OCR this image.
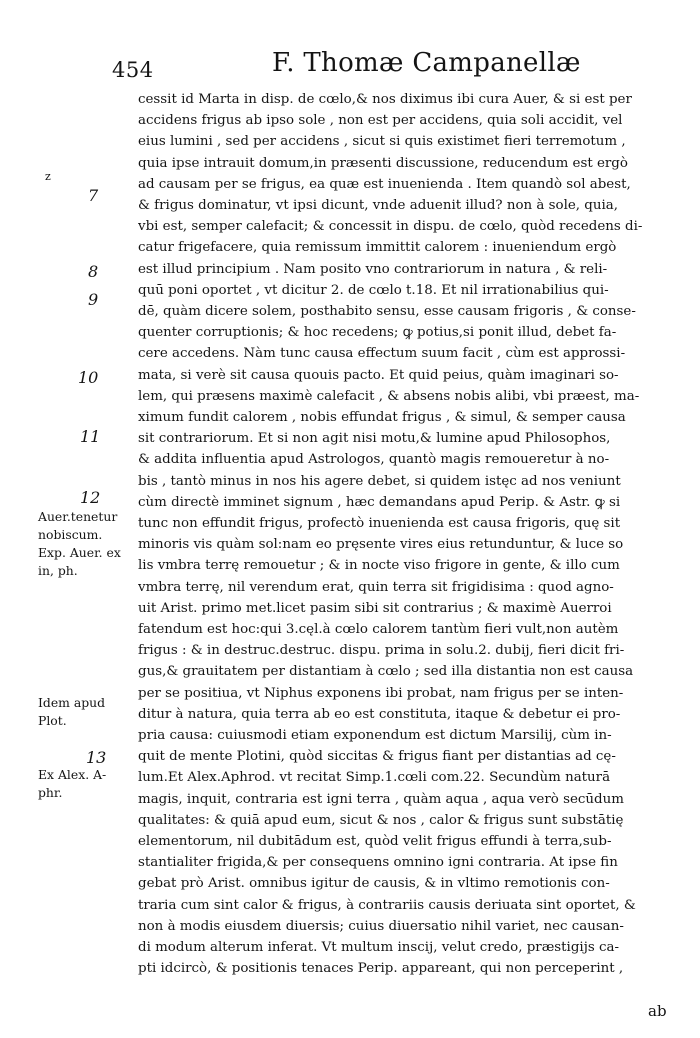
454	F. Thomæ Campanellæ
z
7
8
9
10
11
12
13
Auer.tenetur
nobiscum.
Exp. Auer. ex
in, ph.
Idem apud
Plot.
Ex Alex. A-
phr.
cessit id Marta in disp. de cœlo,& nos diximus ibi cura Auer, & si est per
accidens frigus ab ipso sole , non est per accidens, quia soli accidit, vel
eius lumini , sed per accidens , sicut si quis existimet fieri terremotum ,
quia ipse intrauit domum,in præsenti discussione, reducendum est ergò
ad causam per se frigus, ea quæ est inuenienda . Item quandò sol abest,
& frigus dominatur, vt ipsi dicunt, vnde aduenit illud? non à sole, quia,
vbi est, semper calefacit; & concessit in dispu. de cœlo, quòd recedens di-
catur frigefacere, quia remissum immittit calorem : inueniendum ergò
est illud principium . Nam posito vno contrariorum in natura , & reli-
quū poni oportet , vt dicitur 2. de cœlo t.18. Et nil irrationabilius qui-
dē, quàm dicere solem, posthabito sensu, esse causam frigoris , & conse-
quenter corruptionis; & hoc recedens; ꝙ potius,si ponit illud, debet fa-
cere accedens. Nàm tunc causa effectum suum facit , cùm est approssi-
mata, si verè sit causa quouis pacto. Et quid peius, quàm imaginari so-
lem, qui præsens maximè calefacit , & absens nobis alibi, vbi præest, ma-
ximum fundit calorem , nobis effundat frigus , & simul, & semper causa
sit contrariorum. Et si non agit nisi motu,& lumine apud Philosophos,
& addita influentia apud Astrologos, quantò magis remoueretur à no-
bis , tantò minus in nos his agere debet, si quidem istęc ad nos veniunt
cùm directè imminet signum , hæc demandans apud Perip. & Astr. ꝙ si
tunc non effundit frigus, profectò inuenienda est causa frigoris, quę sit
minoris vis quàm sol:nam eo pręsente vires eius retunduntur, & luce so
lis vmbra terrę remouetur ; & in nocte viso frigore in gente, & illo cum
vmbra terrę, nil verendum erat, quin terra sit frigidisima : quod agno-
uit Arist. primo met.licet pasim sibi sit contrarius ; & maximè Auerroi
fatendum est hoc:qui 3.cęl.à cœlo calorem tantùm fieri vult,non autèm
frigus : & in destruc.destruc. dispu. prima in solu.2. dubij, fieri dicit fri-
gus,& grauitatem per distantiam à cœlo ; sed illa distantia non est causa
per se positiua, vt Niphus exponens ibi probat, nam frigus per se inten-
ditur à natura, quia terra ab eo est constituta, itaque & debetur ei pro-
pria causa: cuiusmodi etiam exponendum est dictum Marsilij, cùm in-
quit de mente Plotini, quòd siccitas & frigus fiant per distantias ad cę-
lum.Et Alex.Aphrod. vt recitat Simp.1.cœli com.22. Secundùm naturā
magis, inquit, contraria est igni terra , quàm aqua , aqua verò secūdum
qualitates: & quiā apud eum, sicut & nos , calor & frigus sunt substātię
elementorum, nil dubitādum est, quòd velit frigus effundi à terra,sub-
stantialiter frigida,& per consequens omnino igni contraria. At ipse fin
gebat prò Arist. omnibus igitur de causis, & in vltimo remotionis con-
traria cum sint calor & frigus, à contrariis causis deriuata sint oportet, &
non à modis eiusdem diuersis; cuius diuersatio nihil variet, nec causan-
di modum alterum inferat. Vt multum inscij, velut credo, præstigijs ca-
pti idcircò, & positionis tenaces Perip. appareant, qui non perceperint ,
ab
